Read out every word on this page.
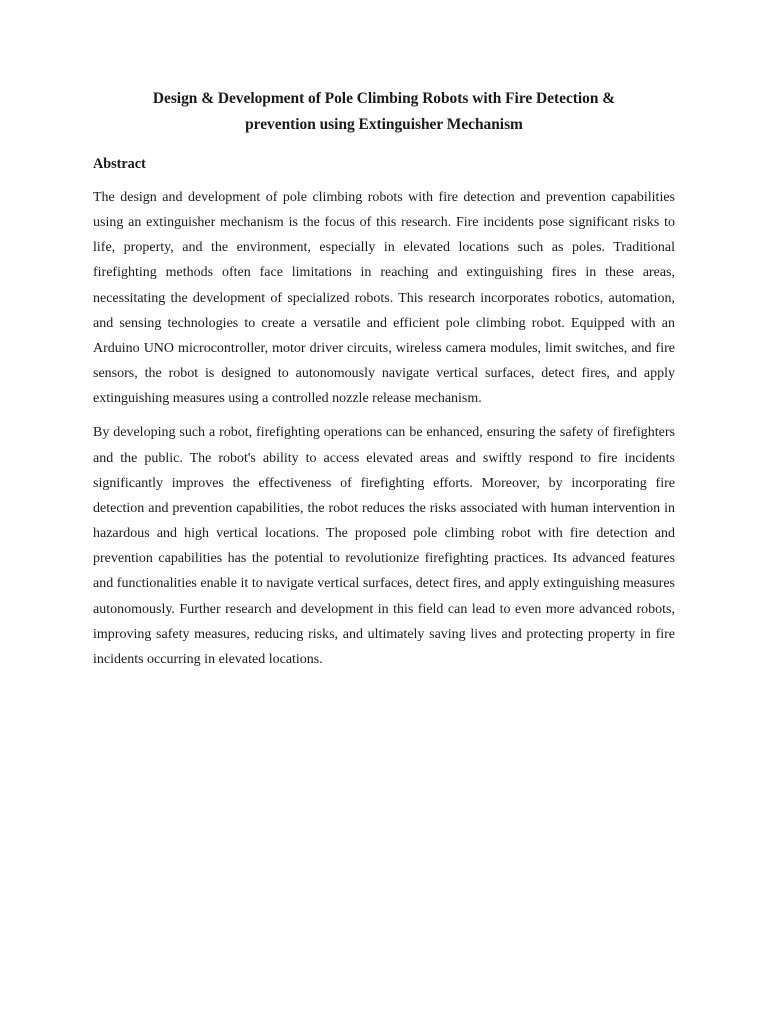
Design & Development of Pole Climbing Robots with Fire Detection &
prevention using Extinguisher Mechanism
Abstract

The design and development of pole climbing robots with fire detection and prevention capabilities using an extinguisher mechanism is the focus of this research. Fire incidents pose significant risks to life, property, and the environment, especially in elevated locations such as poles. Traditional firefighting methods often face limitations in reaching and extinguishing fires in these areas, necessitating the development of specialized robots. This research incorporates robotics, automation, and sensing technologies to create a versatile and efficient pole climbing robot. Equipped with an Arduino UNO microcontroller, motor driver circuits, wireless camera modules, limit switches, and fire sensors, the robot is designed to autonomously navigate vertical surfaces, detect fires, and apply extinguishing measures using a controlled nozzle release mechanism.

By developing such a robot, firefighting operations can be enhanced, ensuring the safety of firefighters and the public. The robot's ability to access elevated areas and swiftly respond to fire incidents significantly improves the effectiveness of firefighting efforts. Moreover, by incorporating fire detection and prevention capabilities, the robot reduces the risks associated with human intervention in hazardous and high vertical locations. The proposed pole climbing robot with fire detection and prevention capabilities has the potential to revolutionize firefighting practices. Its advanced features and functionalities enable it to navigate vertical surfaces, detect fires, and apply extinguishing measures autonomously. Further research and development in this field can lead to even more advanced robots, improving safety measures, reducing risks, and ultimately saving lives and protecting property in fire incidents occurring in elevated locations.
